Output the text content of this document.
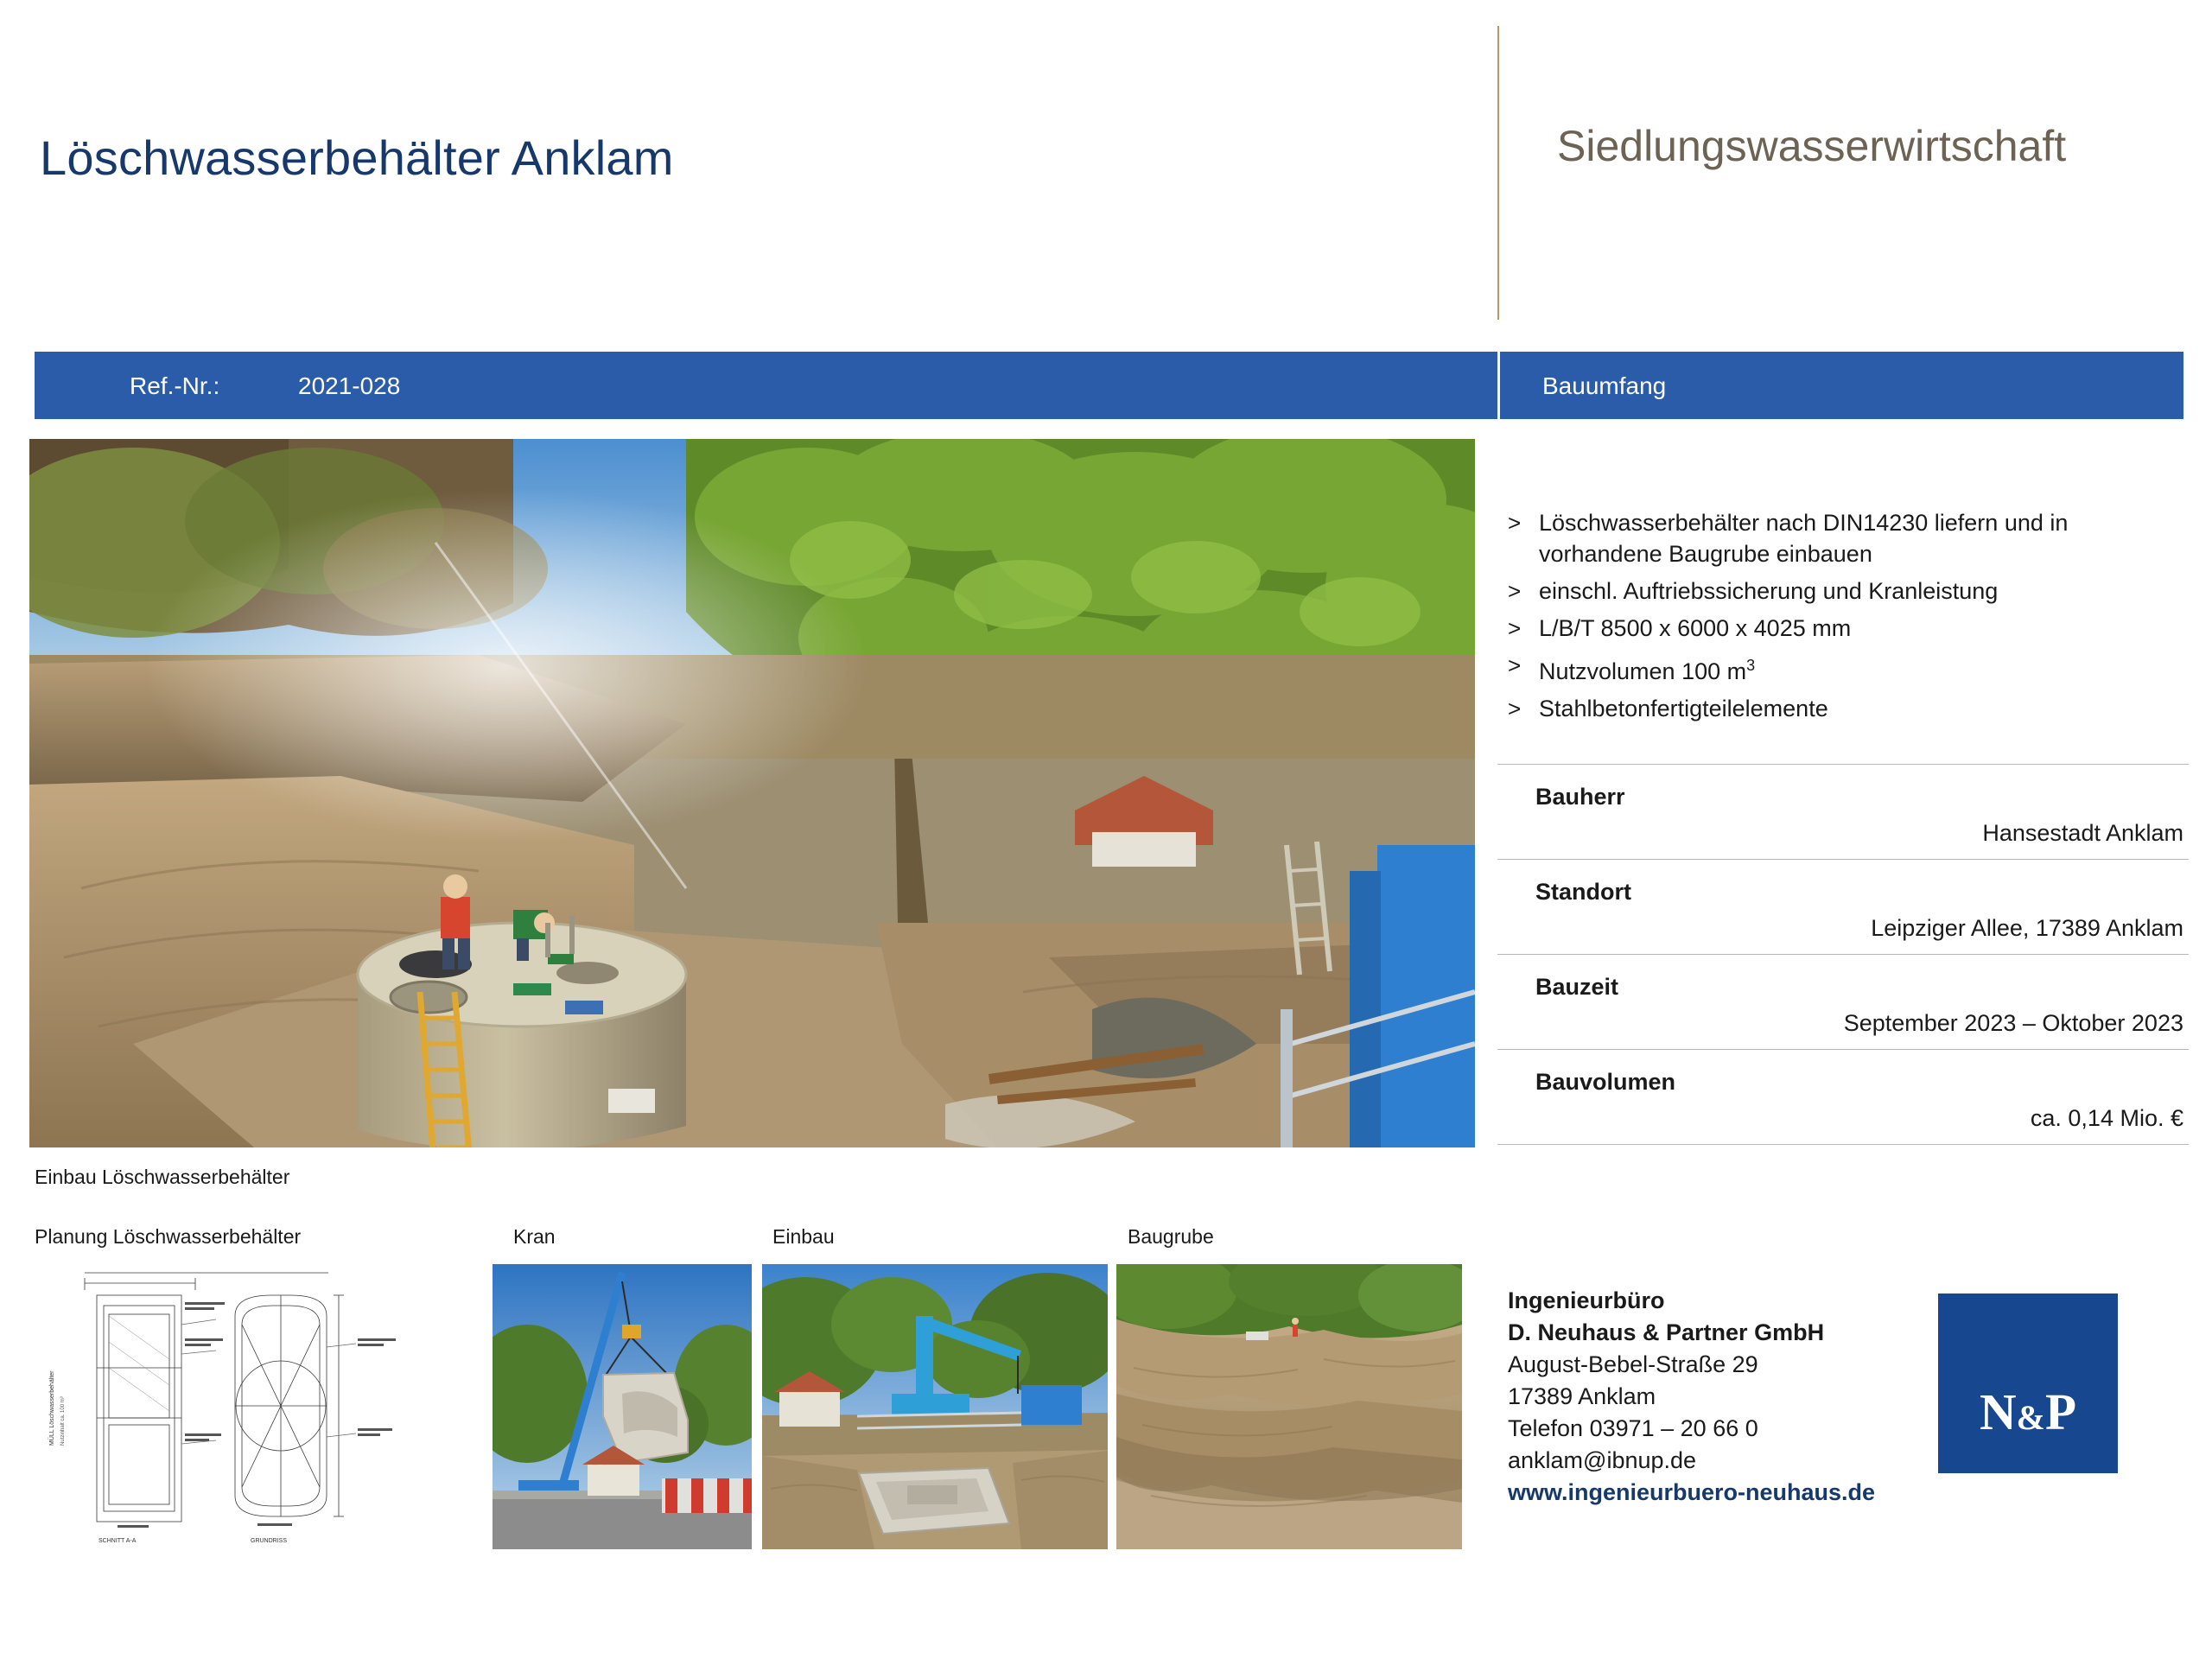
Löschwasserbehälter Anklam	Siedlungswasserwirtschaft
Ref.-Nr.:	2021-028	Bauumfang
Einbau Löschwasserbehälter
> Löschwasserbehälter nach DIN14230 liefern und in vorhandene Baugrube einbauen
> einschl. Auftriebssicherung und Kranleistung
> L/B/T 8500 x 6000 x 4025 mm
> Nutzvolumen 100 $m^3$
> Stahlbetonfertigteilelemente
Bauherr
Hansestadt Anklam
Standort
Leipziger Allee, 17389 Anklam
Bauzeit
September 2023 – Oktober 2023
Bauvolumen
ca. 0,14 Mio. €
Planung Löschwasserbehälter	Kran	Einbau	Baugrube
MÜLL Löschwasserbehälter Nutzinhalt ca. 100 m³
SCHNITT A-A	GRUNDRISS
Ingenieurbüro
D. Neuhaus & Partner GmbH
August-Bebel-Straße 29
17389 Anklam
Telefon 03971 – 20 66 0
anklam@ibnup.de
www.ingenieurbuero-neuhaus.de
N&P
